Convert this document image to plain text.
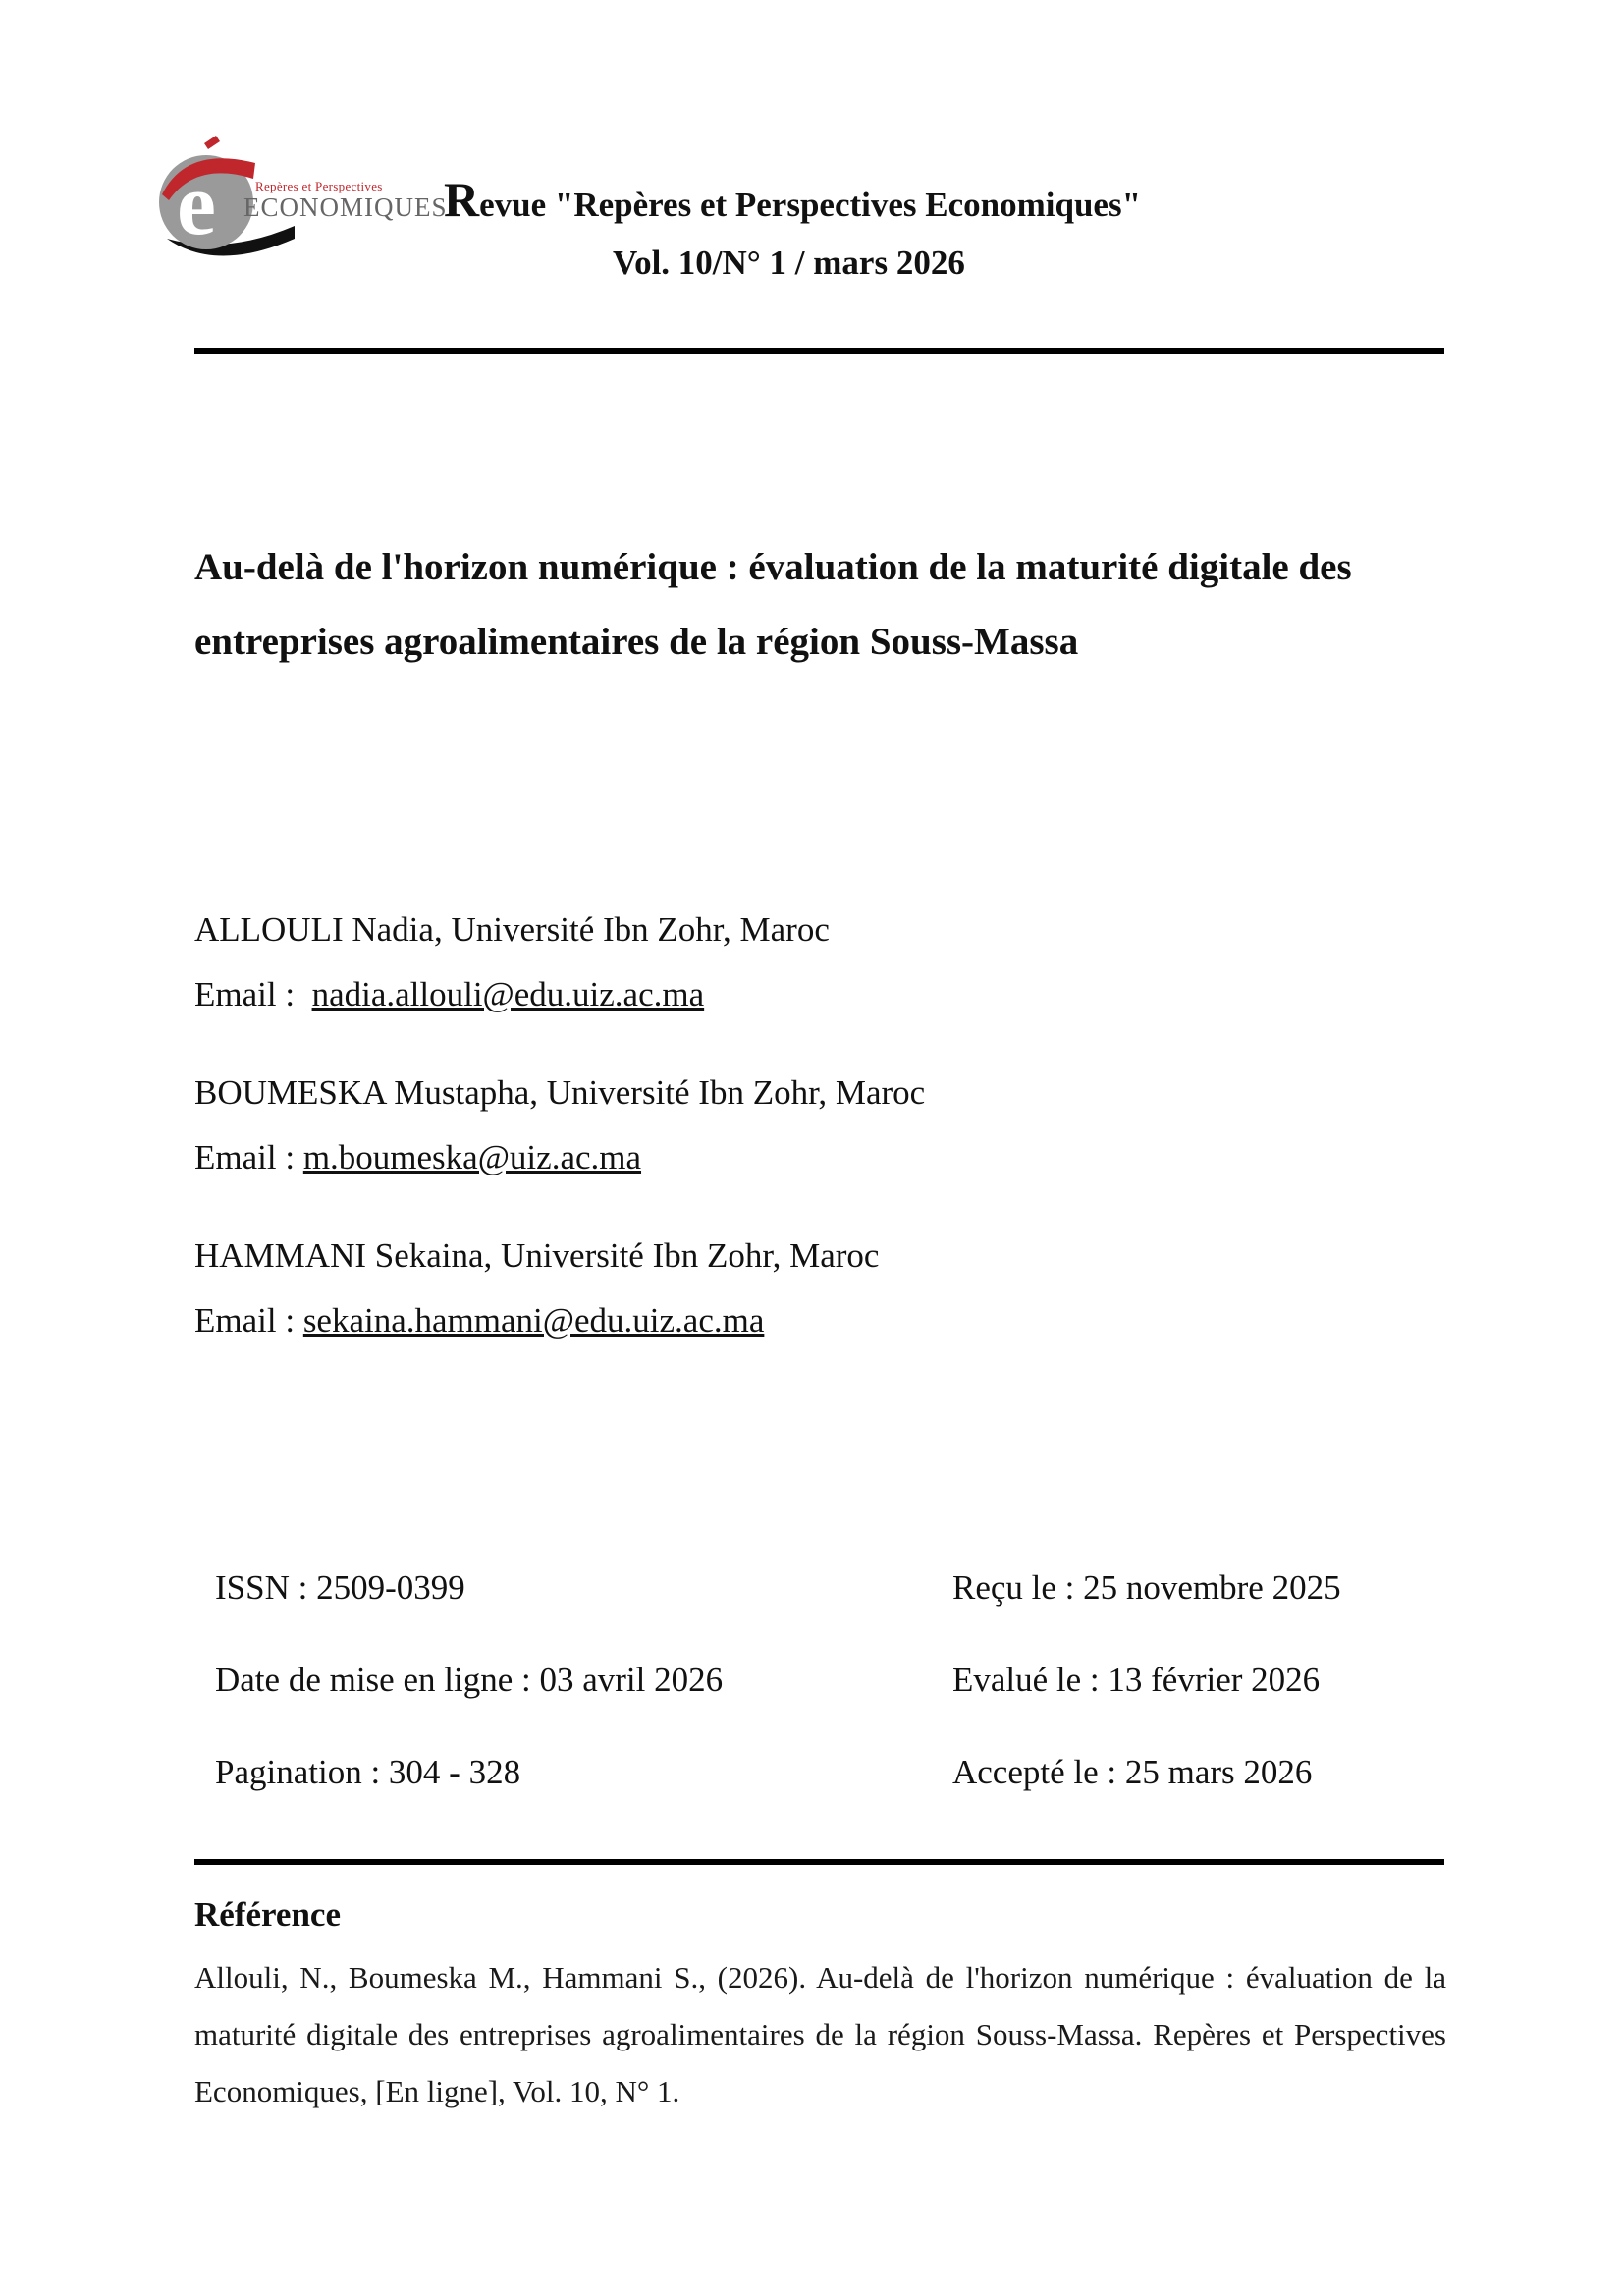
e	Repères et Perspectives
ECONOMIQUES
Revue "Repères et Perspectives Economiques"
Vol. 10/N° 1 / mars 2026
Au-delà de l'horizon numérique : évaluation de la maturité digitale des entreprises agroalimentaires de la région Souss-Massa
ALLOULI Nadia, Université Ibn Zohr, Maroc
Email :  nadia.allouli@edu.uiz.ac.ma
BOUMESKA Mustapha, Université Ibn Zohr, Maroc
Email : m.boumeska@uiz.ac.ma
HAMMANI Sekaina, Université Ibn Zohr, Maroc
Email : sekaina.hammani@edu.uiz.ac.ma
ISSN : 2509-0399
Date de mise en ligne : 03 avril 2026
Pagination : 304 - 328
Reçu le : 25 novembre 2025
Evalué le : 13 février 2026
Accepté le : 25 mars 2026
Référence
Allouli, N., Boumeska M., Hammani S., (2026). Au-delà de l'horizon numérique : évaluation de la maturité digitale des entreprises agroalimentaires de la région Souss-Massa. Repères et Perspectives Economiques, [En ligne], Vol. 10, N° 1.
